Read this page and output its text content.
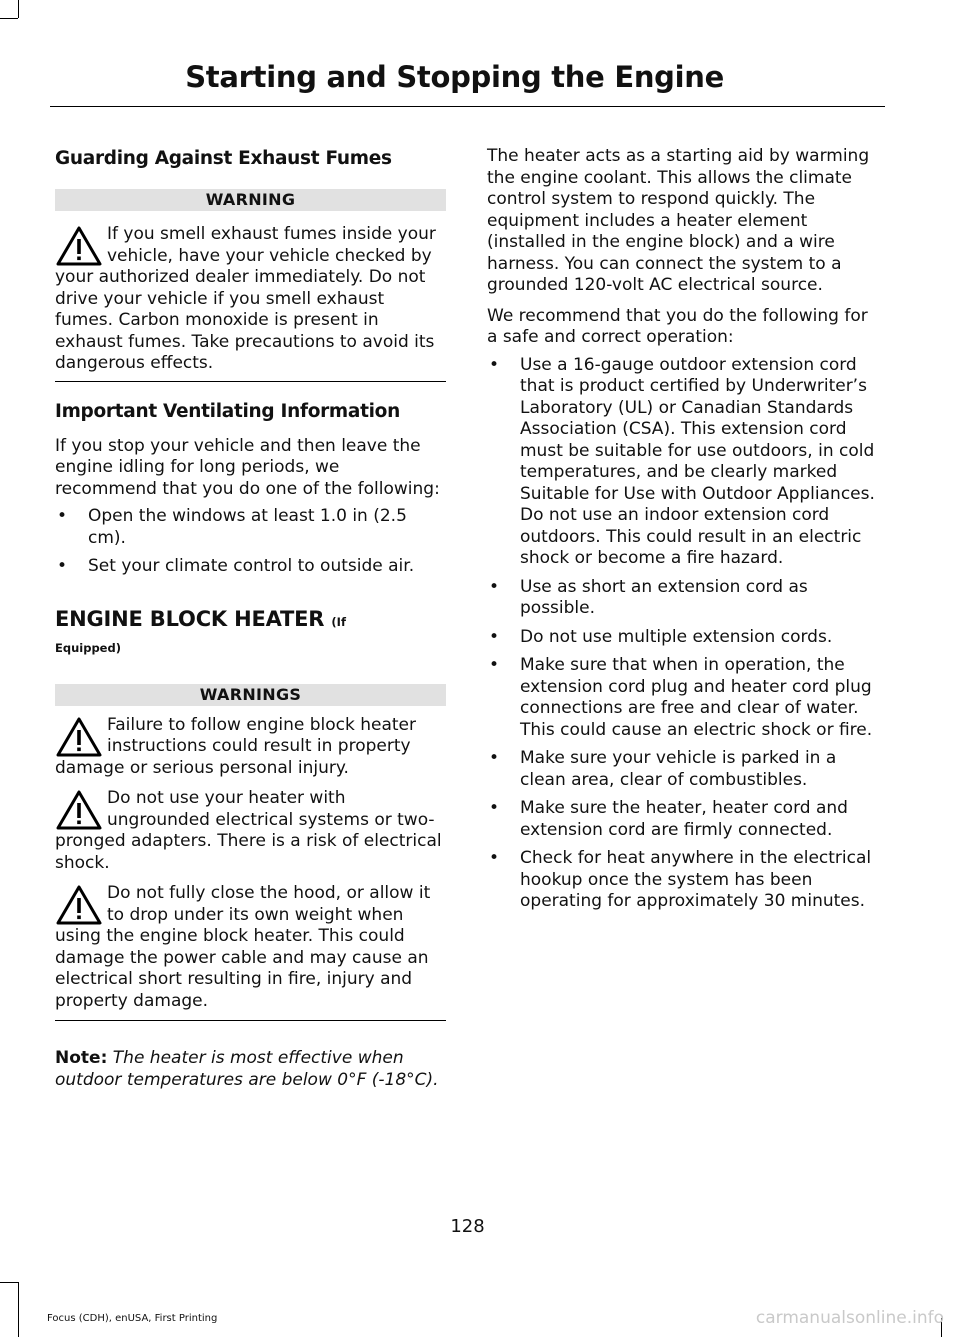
Starting and Stopping the Engine
Guarding Against Exhaust Fumes
WARNING

If you smell exhaust fumes inside your vehicle, have your vehicle checked by your authorized dealer immediately. Do not drive your vehicle if you smell exhaust fumes. Carbon monoxide is present in exhaust fumes. Take precautions to avoid its dangerous effects.

Important Ventilating Information

If you stop your vehicle and then leave the engine idling for long periods, we recommend that you do one of the following:

• Open the windows at least 1.0 in (2.5 cm).
• Set your climate control to outside air.
ENGINE BLOCK HEATER (If

Equipped)

WARNINGS

Failure to follow engine block heater instructions could result in property damage or serious personal injury.

Do not use your heater with ungrounded electrical systems or two-pronged adapters. There is a risk of electrical shock.

Do not fully close the hood, or allow it to drop under its own weight when using the engine block heater. This could damage the power cable and may cause an electrical short resulting in fire, injury and property damage.

Note: The heater is most effective when outdoor temperatures are below 0°F (-18°C).

The heater acts as a starting aid by warming the engine coolant. This allows the climate control system to respond quickly. The equipment includes a heater element (installed in the engine block) and a wire harness. You can connect the system to a grounded 120-volt AC electrical source.

We recommend that you do the following for a safe and correct operation:

• Use a 16-gauge outdoor extension cord that is product certified by Underwriter’s Laboratory (UL) or Canadian Standards Association (CSA). This extension cord must be suitable for use outdoors, in cold temperatures, and be clearly marked Suitable for Use with Outdoor Appliances. Do not use an indoor extension cord outdoors. This could result in an electric shock or become a fire hazard.
• Use as short an extension cord as possible.
• Do not use multiple extension cords.
• Make sure that when in operation, the extension cord plug and heater cord plug connections are free and clear of water. This could cause an electric shock or fire.
• Make sure your vehicle is parked in a clean area, clear of combustibles.
• Make sure the heater, heater cord and extension cord are firmly connected.
• Check for heat anywhere in the electrical hookup once the system has been operating for approximately 30 minutes.
128
Focus (CDH), enUSA, First Printing	carmanualsonline.info
